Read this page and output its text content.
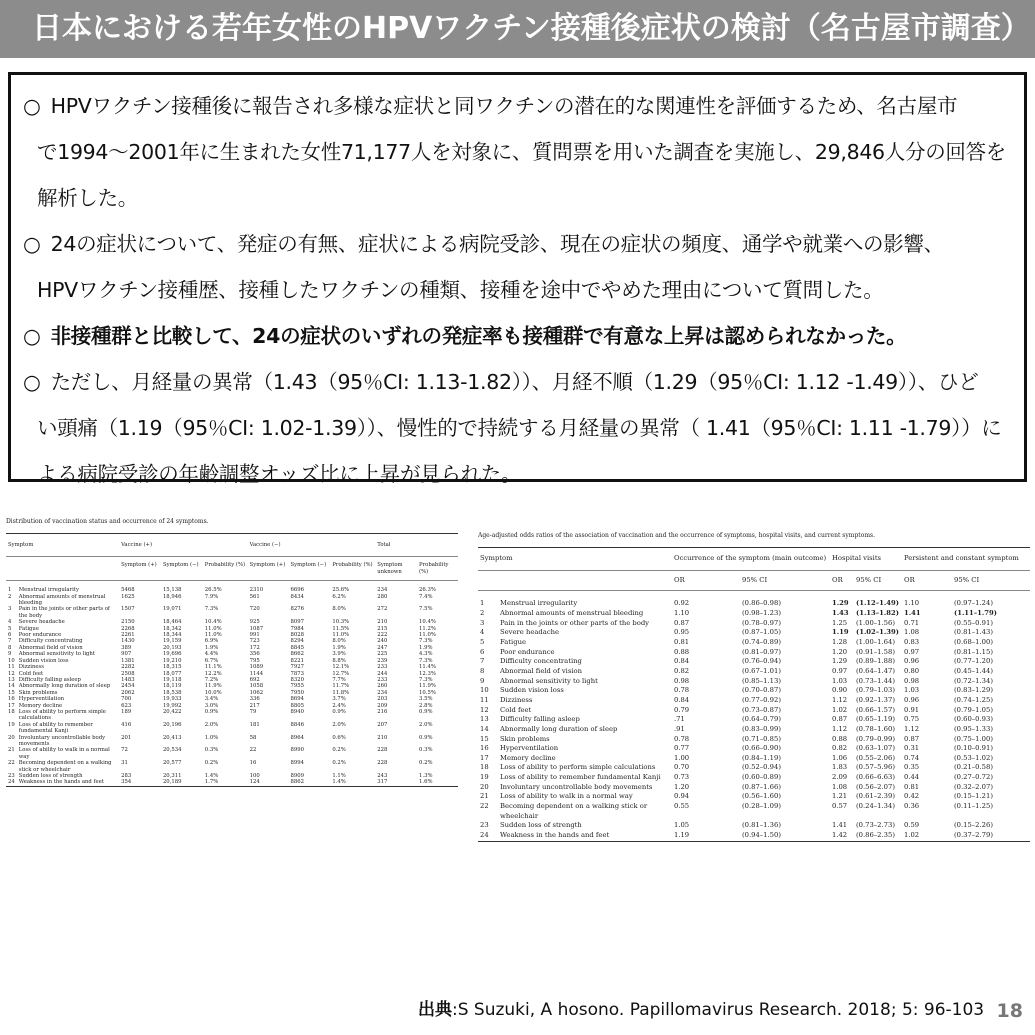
日本における若年女性のHPVワクチン接種後症状の検討（名古屋市調査）
○ HPVワクチン接種後に報告され多様な症状と同ワクチンの潜在的な関連性を評価するため、名古屋市
で1994～2001年に生まれた女性71,177人を対象に、質問票を用いた調査を実施し、29,846人分の回答を
解析した。
○ 24の症状について、発症の有無、症状による病院受診、現在の症状の頻度、通学や就業への影響、
HPVワクチン接種歴、接種したワクチンの種類、接種を途中でやめた理由について質問した。
○ 非接種群と比較して、24の症状のいずれの発症率も接種群で有意な上昇は認められなかった。
○ ただし、月経量の異常（1.43（95％CI: 1.13-1.82））、月経不順（1.29（95％CI: 1.12 -1.49））、ひど
い頭痛（1.19（95％CI: 1.02-1.39））、慢性的で持続する月経量の異常（ 1.41（95％CI: 1.11 -1.79））に
よる病院受診の年齢調整オッズ比に上昇が見られた。
Distribution of vaccination status and occurrence of 24 symptoms.
Symptom		Vaccine (+)			Vaccine (−)			Total	
		Symptom (+)	Symptom (−)	Probability (%)	Symptom (+)	Symptom (−)	Probability (%)	Symptom unknown	Probability (%)
1	Menstrual irregularity	5468	15,138	26.5%	2310	6696	25.6%	234	26.3%
2	Abnormal amounts of menstrual bleeding	1625	18,946	7.9%	561	8434	6.2%	280	7.4%
3	Pain in the joints or other parts of the body	1507	19,071	7.3%	720	8276	8.0%	272	7.5%
4	Severe headache	2150	18,464	10.4%	925	8097	10.3%	210	10.4%
5	Fatigue	2268	18,342	11.0%	1087	7984	11.5%	215	11.2%
6	Poor endurance	2261	18,344	11.0%	991	8028	11.0%	222	11.0%
7	Difficulty concentrating	1430	19,159	6.9%	723	8294	8.0%	240	7.3%
8	Abnormal field of vision	389	20,193	1.9%	172	8845	1.9%	247	1.9%
9	Abnormal sensitivity to light	907	19,696	4.4%	356	8662	3.9%	225	4.3%
10	Sudden vision loss	1381	19,210	6.7%	795	8221	8.8%	239	7.3%
11	Dizziness	2282	18,315	11.1%	1089	7927	12.1%	233	11.4%
12	Cold feet	2508	18,077	12.2%	1144	7873	12.7%	244	12.3%
13	Difficulty falling asleep	1483	19,118	7.2%	692	8320	7.7%	233	7.3%
14	Abnormally long duration of sleep	2454	18,119	11.9%	1058	7955	11.7%	260	11.9%
15	Skin problems	2062	18,538	10.0%	1062	7950	11.8%	234	10.5%
16	Hyperventilation	700	19,933	3.4%	336	8694	3.7%	203	3.5%
17	Memory decline	623	19,992	3.0%	217	8805	2.4%	209	2.8%
18	Loss of ability to perform simple calculations	189	20,422	0.9%	79	8940	0.9%	216	0.9%
19	Loss of ability to remember fundamental Kanji	416	20,196	2.0%	181	8846	2.0%	207	2.0%
20	Involuntary uncontrollable body movements	201	20,413	1.0%	58	8964	0.6%	210	0.9%
21	Loss of ability to walk in a normal way	72	20,534	0.3%	22	8990	0.2%	228	0.3%
22	Becoming dependent on a walking stick or wheelchair	31	20,577	0.2%	16	8994	0.2%	228	0.2%
23	Sudden loss of strength	283	20,311	1.4%	100	8909	1.1%	243	1.3%
24	Weakness in the hands and feet	354	20,189	1.7%	124	8862	1.4%	317	1.6%
Age-adjusted odds ratios of the association of vaccination and the occurrence of symptoms, hospital visits, and current symptoms.
Symptom		Occurrence of the symptom (main outcome)		Hospital visits		Persistent and constant symptom	
		OR	95% CI	OR	95% CI	OR	95% CI
1	Menstrual irregularity	0.92	(0.86–0.98)	1.29	(1.12–1.49)	1.10	(0.97–1.24)
2	Abnormal amounts of menstrual bleeding	1.10	(0.98–1.23)	1.43	(1.13–1.82)	1.41	(1.11–1.79)
3	Pain in the joints or other parts of the body	0.87	(0.78–0.97)	1.25	(1.00–1.56)	0.71	(0.55–0.91)
4	Severe headache	0.95	(0.87–1.05)	1.19	(1.02–1.39)	1.08	(0.81–1.43)
5	Fatigue	0.81	(0.74–0.89)	1.28	(1.00–1.64)	0.83	(0.68–1.00)
6	Poor endurance	0.88	(0.81–0.97)	1.20	(0.91–1.58)	0.97	(0.81–1.15)
7	Difficulty concentrating	0.84	(0.76–0.94)	1.29	(0.89–1.88)	0.96	(0.77–1.20)
8	Abnormal field of vision	0.82	(0.67–1.01)	0.97	(0.64–1.47)	0.80	(0.45–1.44)
9	Abnormal sensitivity to light	0.98	(0.85–1.13)	1.03	(0.73–1.44)	0.98	(0.72–1.34)
10	Sudden vision loss	0.78	(0.70–0.87)	0.90	(0.79–1.03)	1.03	(0.83–1.29)
11	Dizziness	0.84	(0.77–0.92)	1.12	(0.92–1.37)	0.96	(0.74–1.25)
12	Cold feet	0.79	(0.73–0.87)	1.02	(0.66–1.57)	0.91	(0.79–1.05)
13	Difficulty falling asleep	.71	(0.64–0.79)	0.87	(0.65–1.19)	0.75	(0.60–0.93)
14	Abnormally long duration of sleep	.91	(0.83–0.99)	1.12	(0.78–1.60)	1.12	(0.95–1.33)
15	Skin problems	0.78	(0.71–0.85)	0.88	(0.79–0.99)	0.87	(0.75–1.00)
16	Hyperventilation	0.77	(0.66–0.90)	0.82	(0.63–1.07)	0.31	(0.10–0.91)
17	Memory decline	1.00	(0.84–1.19)	1.06	(0.55–2.06)	0.74	(0.53–1.02)
18	Loss of ability to perform simple calculations	0.70	(0.52–0.94)	1.83	(0.57–5.96)	0.35	(0.21–0.58)
19	Loss of ability to remember fundamental Kanji	0.73	(0.60–0.89)	2.09	(0.66–6.63)	0.44	(0.27–0.72)
20	Involuntary uncontrollable body movements	1.20	(0.87–1.66)	1.08	(0.56–2.07)	0.81	(0.32–2.07)
21	Loss of ability to walk in a normal way	0.94	(0.56–1.60)	1.21	(0.61–2.39)	0.42	(0.15–1.21)
22	Becoming dependent on a walking stick or wheelchair	0.55	(0.28–1.09)	0.57	(0.24–1.34)	0.36	(0.11–1.25)
23	Sudden loss of strength	1.05	(0.81–1.36)	1.41	(0.73–2.73)	0.59	(0.15–2.26)
24	Weakness in the hands and feet	1.19	(0.94–1.50)	1.42	(0.86–2.35)	1.02	(0.37–2.79)
出典:S Suzuki, A hosono. Papillomavirus Research. 2018; 5: 96-103 18
